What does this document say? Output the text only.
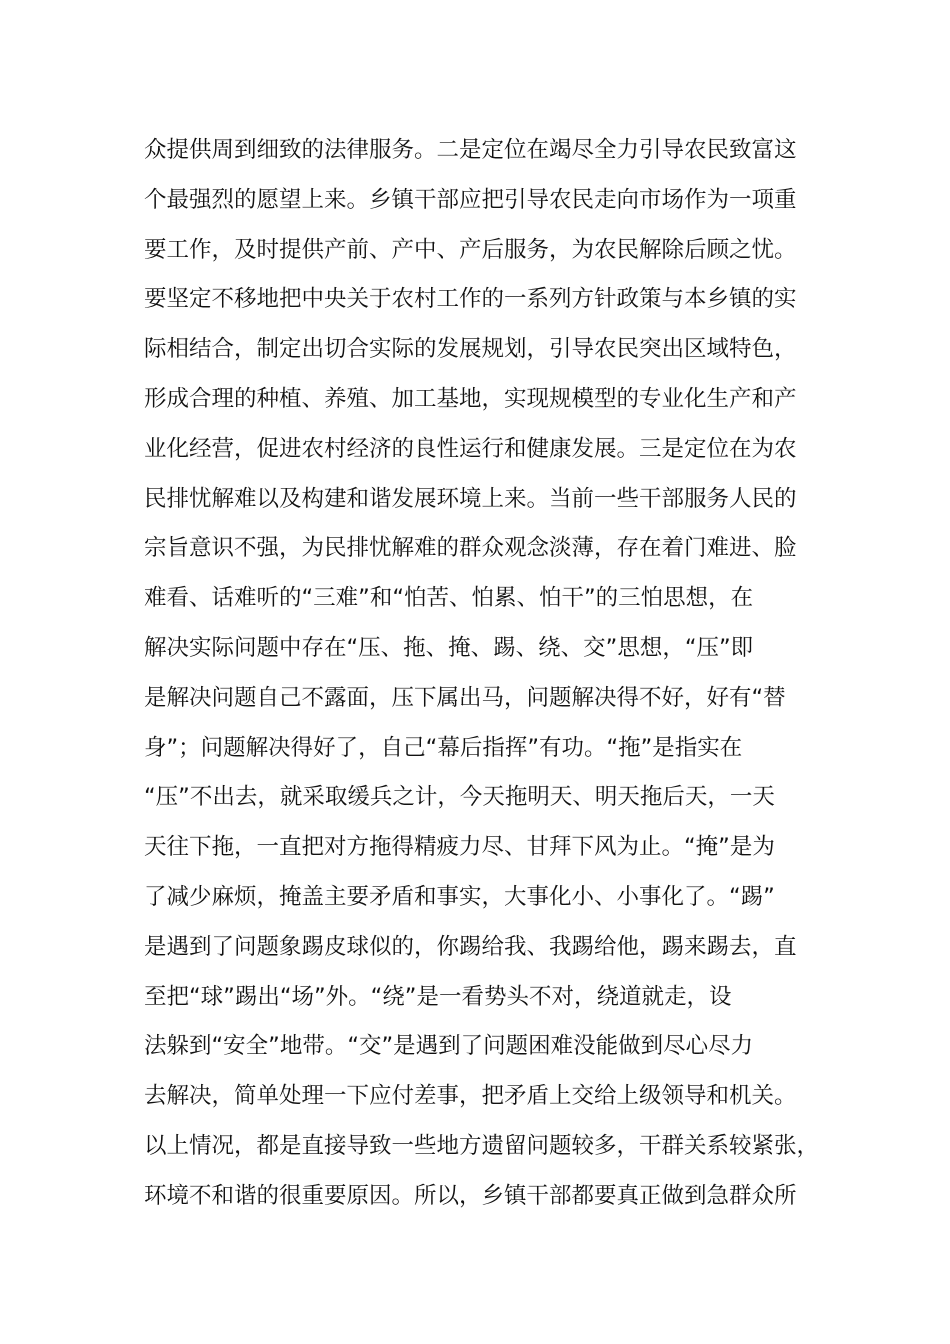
众提供周到细致的法律服务。二是定位在竭尽全力引导农民致富这
个最强烈的愿望上来。乡镇干部应把引导农民走向市场作为一项重
要工作，及时提供产前、产中、产后服务，为农民解除后顾之忧。
要坚定不移地把中央关于农村工作的一系列方针政策与本乡镇的实
际相结合，制定出切合实际的发展规划，引导农民突出区域特色，
形成合理的种植、养殖、加工基地，实现规模型的专业化生产和产
业化经营，促进农村经济的良性运行和健康发展。三是定位在为农
民排忧解难以及构建和谐发展环境上来。当前一些干部服务人民的
宗旨意识不强，为民排忧解难的群众观念淡薄，存在着门难进、脸
难看、话难听的“三难”和“怕苦、怕累、怕干”的三怕思想，在
解决实际问题中存在“压、拖、掩、踢、绕、交”思想，“压”即
是解决问题自己不露面，压下属出马，问题解决得不好，好有“替
身”；问题解决得好了，自己“幕后指挥”有功。“拖”是指实在
“压”不出去，就采取缓兵之计，今天拖明天、明天拖后天，一天
天往下拖，一直把对方拖得精疲力尽、甘拜下风为止。“掩”是为
了减少麻烦，掩盖主要矛盾和事实，大事化小、小事化了。“踢”
是遇到了问题象踢皮球似的，你踢给我、我踢给他，踢来踢去，直
至把“球”踢出“场”外。“绕”是一看势头不对，绕道就走，设
法躲到“安全”地带。“交”是遇到了问题困难没能做到尽心尽力
去解决，简单处理一下应付差事，把矛盾上交给上级领导和机关。
以上情况，都是直接导致一些地方遗留问题较多，干群关系较紧张，
环境不和谐的很重要原因。所以，乡镇干部都要真正做到急群众所
